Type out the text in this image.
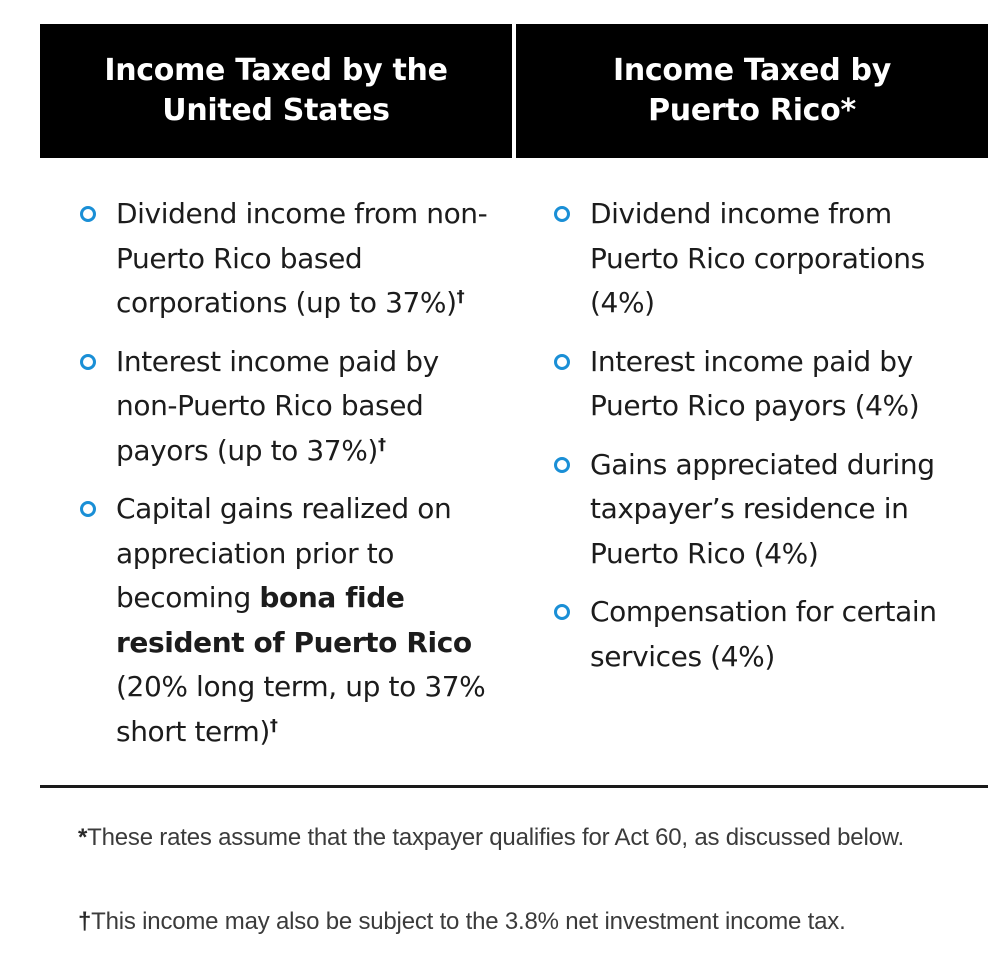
Income Taxed by the
United States
Income Taxed by
Puerto Rico*
Dividend income from non-Puerto Rico based corporations (up to 37%)†
Interest income paid by non-Puerto Rico based payors (up to 37%)†
Capital gains realized on appreciation prior to becoming bona fide resident of Puerto Rico (20% long term, up to 37% short term)†
Dividend income from Puerto Rico corporations (4%)
Interest income paid by Puerto Rico payors (4%)
Gains appreciated during taxpayer’s residence in Puerto Rico (4%)
Compensation for certain services (4%)
*These rates assume that the taxpayer qualifies for Act 60, as discussed below.
†This income may also be subject to the 3.8% net investment income tax.
